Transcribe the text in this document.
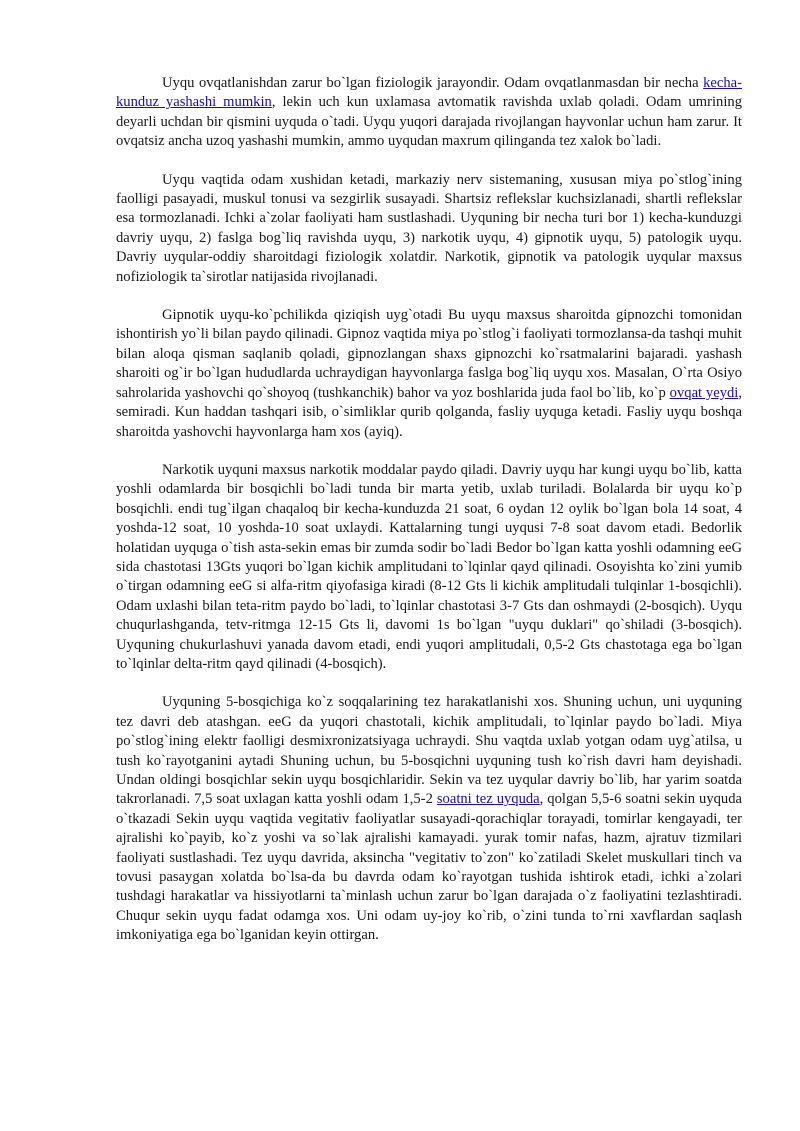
Uyqu ovqatlanishdan zarur bo`lgan fiziologik jarayondir. Odam ovqatlanmasdan bir necha kecha-kunduz yashashi mumkin, lekin uch kun uxlamasa avtomatik ravishda uxlab qoladi. Odam umrining deyarli uchdan bir qismini uyquda o`tadi. Uyqu yuqori darajada rivojlangan hayvonlar uchun ham zarur. It ovqatsiz ancha uzoq yashashi mumkin, ammo uyqudan maxrum qilinganda tez xalok bo`ladi.

Uyqu vaqtida odam xushidan ketadi, markaziy nerv sistemaning, xususan miya po`stlog`ining faolligi pasayadi, muskul tonusi va sezgirlik susayadi. Shartsiz reflekslar kuchsizlanadi, shartli reflekslar esa tormozlanadi. Ichki a`zolar faoliyati ham sustlashadi. Uyquning bir necha turi bor 1) kecha-kunduzgi davriy uyqu, 2) faslga bog`liq ravishda uyqu, 3) narkotik uyqu, 4) gipnotik uyqu, 5) patologik uyqu. Davriy uyqular-oddiy sharoitdagi fiziologik xolatdir. Narkotik, gipnotik va patologik uyqular maxsus nofiziologik ta`sirotlar natijasida rivojlanadi.

Gipnotik uyqu-ko`pchilikda qiziqish uyg`otadi Bu uyqu maxsus sharoitda gipnozchi tomonidan ishontirish yo`li bilan paydo qilinadi. Gipnoz vaqtida miya po`stlog`i faoliyati tormozlansa-da tashqi muhit bilan aloqa qisman saqlanib qoladi, gipnozlangan shaxs gipnozchi ko`rsatmalarini bajaradi. yashash sharoiti og`ir bo`lgan hududlarda uchraydigan hayvonlarga faslga bog`liq uyqu xos. Masalan, O`rta Osiyo sahrolarida yashovchi qo`shoyoq (tushkanchik) bahor va yoz boshlarida juda faol bo`lib, ko`p ovqat yeydi, semiradi. Kun haddan tashqari isib, o`simliklar qurib qolganda, fasliy uyquga ketadi. Fasliy uyqu boshqa sharoitda yashovchi hayvonlarga ham xos (ayiq).

Narkotik uyquni maxsus narkotik moddalar paydo qiladi. Davriy uyqu har kungi uyqu bo`lib, katta yoshli odamlarda bir bosqichli bo`ladi tunda bir marta yetib, uxlab turiladi. Bolalarda bir uyqu ko`p bosqichli. endi tug`ilgan chaqaloq bir kecha-kunduzda 21 soat, 6 oydan 12 oylik bo`lgan bola 14 soat, 4 yoshda-12 soat, 10 yoshda-10 soat uxlaydi. Kattalarning tungi uyqusi 7-8 soat davom etadi. Bedorlik holatidan uyquga o`tish asta-sekin emas bir zumda sodir bo`ladi Bedor bo`lgan katta yoshli odamning eeG sida chastotasi 13Gts yuqori bo`lgan kichik amplitudani to`lqinlar qayd qilinadi. Osoyishta ko`zini yumib o`tirgan odamning eeG si alfa-ritm qiyofasiga kiradi (8-12 Gts li kichik amplitudali tulqinlar 1-bosqichli). Odam uxlashi bilan teta-ritm paydo bo`ladi, to`lqinlar chastotasi 3-7 Gts dan oshmaydi (2-bosqich). Uyqu chuqurlashganda, tetv-ritmga 12-15 Gts li, davomi 1s bo`lgan "uyqu duklari" qo`shiladi (3-bosqich). Uyquning chukurlashuvi yanada davom etadi, endi yuqori amplitudali, 0,5-2 Gts chastotaga ega bo`lgan to`lqinlar delta-ritm qayd qilinadi (4-bosqich).

Uyquning 5-bosqichiga ko`z soqqalarining tez harakatlanishi xos. Shuning uchun, uni uyquning tez davri deb atashgan. eeG da yuqori chastotali, kichik amplitudali, to`lqinlar paydo bo`ladi. Miya po`stlog`ining elektr faolligi desmixronizatsiyaga uchraydi. Shu vaqtda uxlab yotgan odam uyg`atilsa, u tush ko`rayotganini aytadi Shuning uchun, bu 5-bosqichni uyquning tush ko`rish davri ham deyishadi. Undan oldingi bosqichlar sekin uyqu bosqichlaridir. Sekin va tez uyqular davriy bo`lib, har yarim soatda takrorlanadi. 7,5 soat uxlagan katta yoshli odam 1,5-2 soatni tez uyquda, qolgan 5,5-6 soatni sekin uyquda o`tkazadi Sekin uyqu vaqtida vegitativ faoliyatlar susayadi-qorachiqlar torayadi, tomirlar kengayadi, ter ajralishi ko`payib, ko`z yoshi va so`lak ajralishi kamayadi. yurak tomir nafas, hazm, ajratuv tizmilari faoliyati sustlashadi. Tez uyqu davrida, aksincha "vegitativ to`zon" ko`zatiladi Skelet muskullari tinch va tovusi pasaygan xolatda bo`lsa-da bu davrda odam ko`rayotgan tushida ishtirok etadi, ichki a`zolari tushdagi harakatlar va hissiyotlarni ta`minlash uchun zarur bo`lgan darajada o`z faoliyatini tezlashtiradi. Chuqur sekin uyqu fadat odamga xos. Uni odam uy-joy ko`rib, o`zini tunda to`rni xavflardan saqlash imkoniyatiga ega bo`lganidan keyin ottirgan.
